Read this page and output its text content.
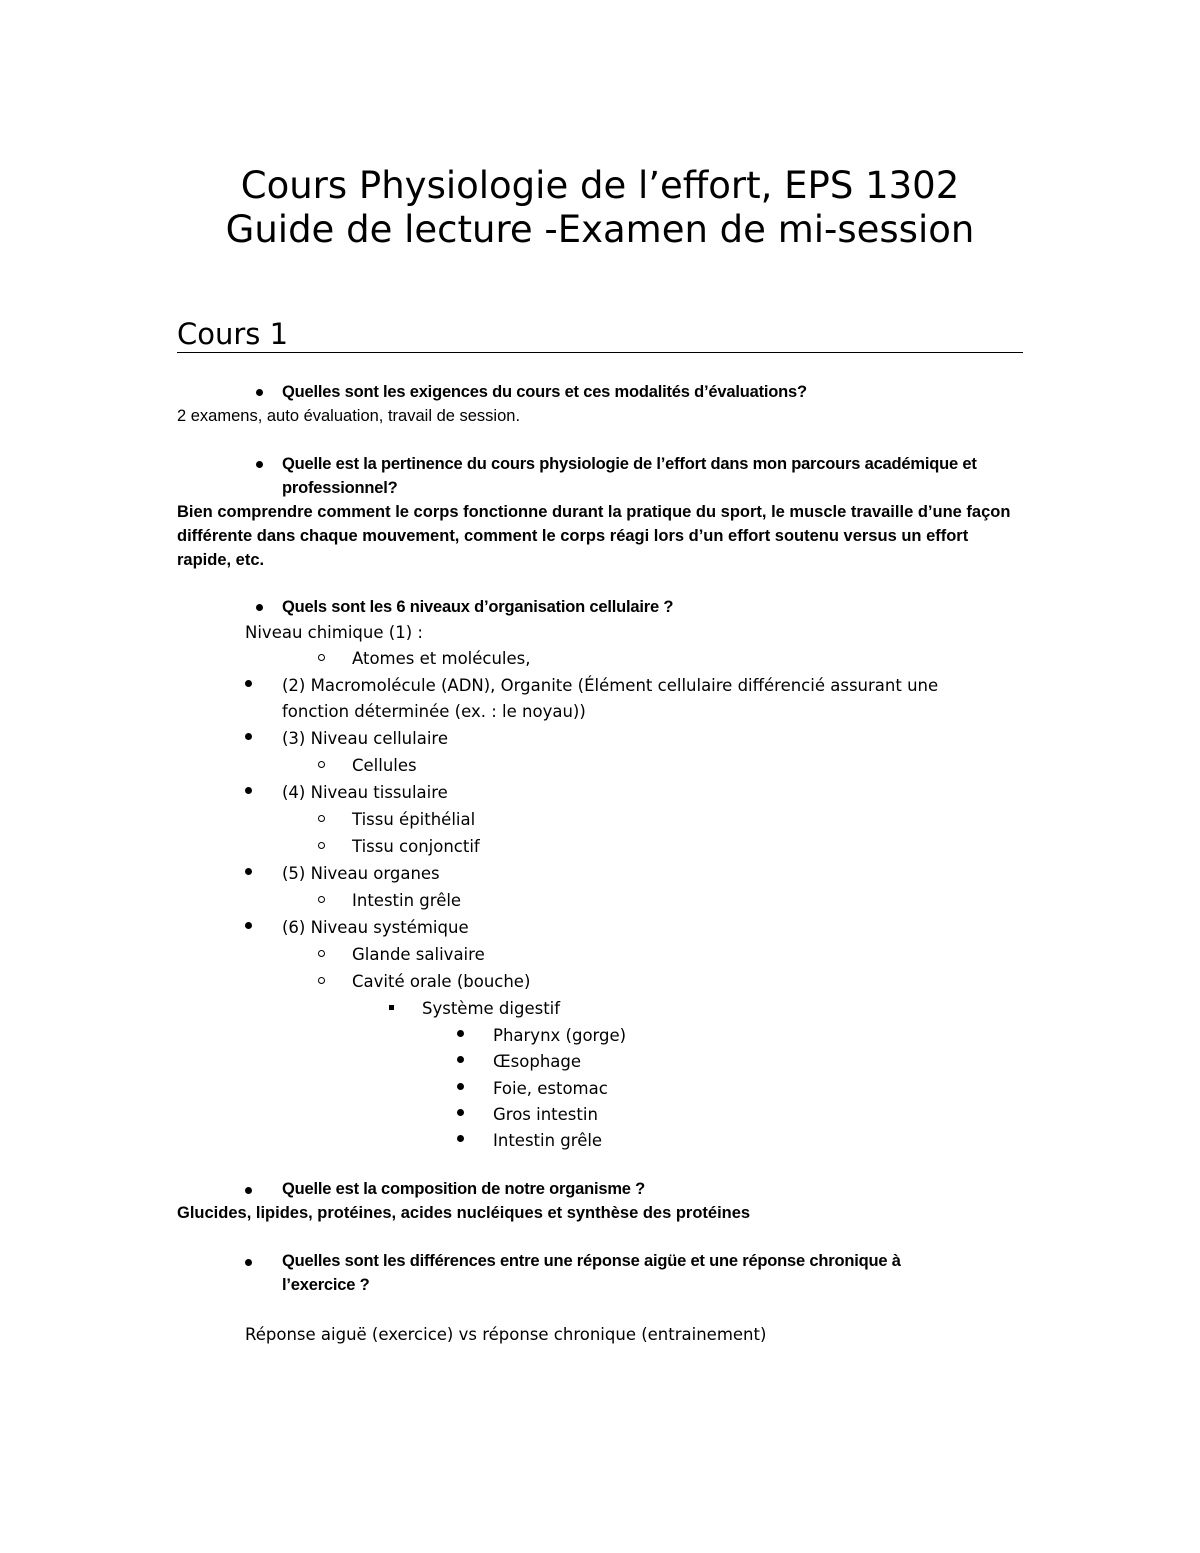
Cours Physiologie de l’effort, EPS 1302
Guide de lecture -Examen de mi-session
Cours 1
Quelles sont les exigences du cours et ces modalités d’évaluations?
2 examens, auto évaluation, travail de session.
Quelle est la pertinence du cours physiologie de l’effort dans mon parcours académique et
professionnel?
Bien comprendre comment le corps fonctionne durant la pratique du sport, le muscle travaille d’une façon
différente dans chaque mouvement, comment le corps réagi lors d’un effort soutenu versus un effort
rapide, etc.
Quels sont les 6 niveaux d’organisation cellulaire ?
Niveau chimique (1) :
Atomes et molécules,
(2) Macromolécule (ADN), Organite (Élément cellulaire différencié assurant une
fonction déterminée (ex. : le noyau))
(3) Niveau cellulaire
Cellules
(4) Niveau tissulaire
Tissu épithélial
Tissu conjonctif
(5) Niveau organes
Intestin grêle
(6) Niveau systémique
Glande salivaire
Cavité orale (bouche)
Système digestif
Pharynx (gorge)
Œsophage
Foie, estomac
Gros intestin
Intestin grêle
Quelle est la composition de notre organisme ?
Glucides, lipides, protéines, acides nucléiques et synthèse des protéines
Quelles sont les différences entre une réponse aigüe et une réponse chronique à
l’exercice ?
Réponse aiguë (exercice) vs réponse chronique (entrainement)
